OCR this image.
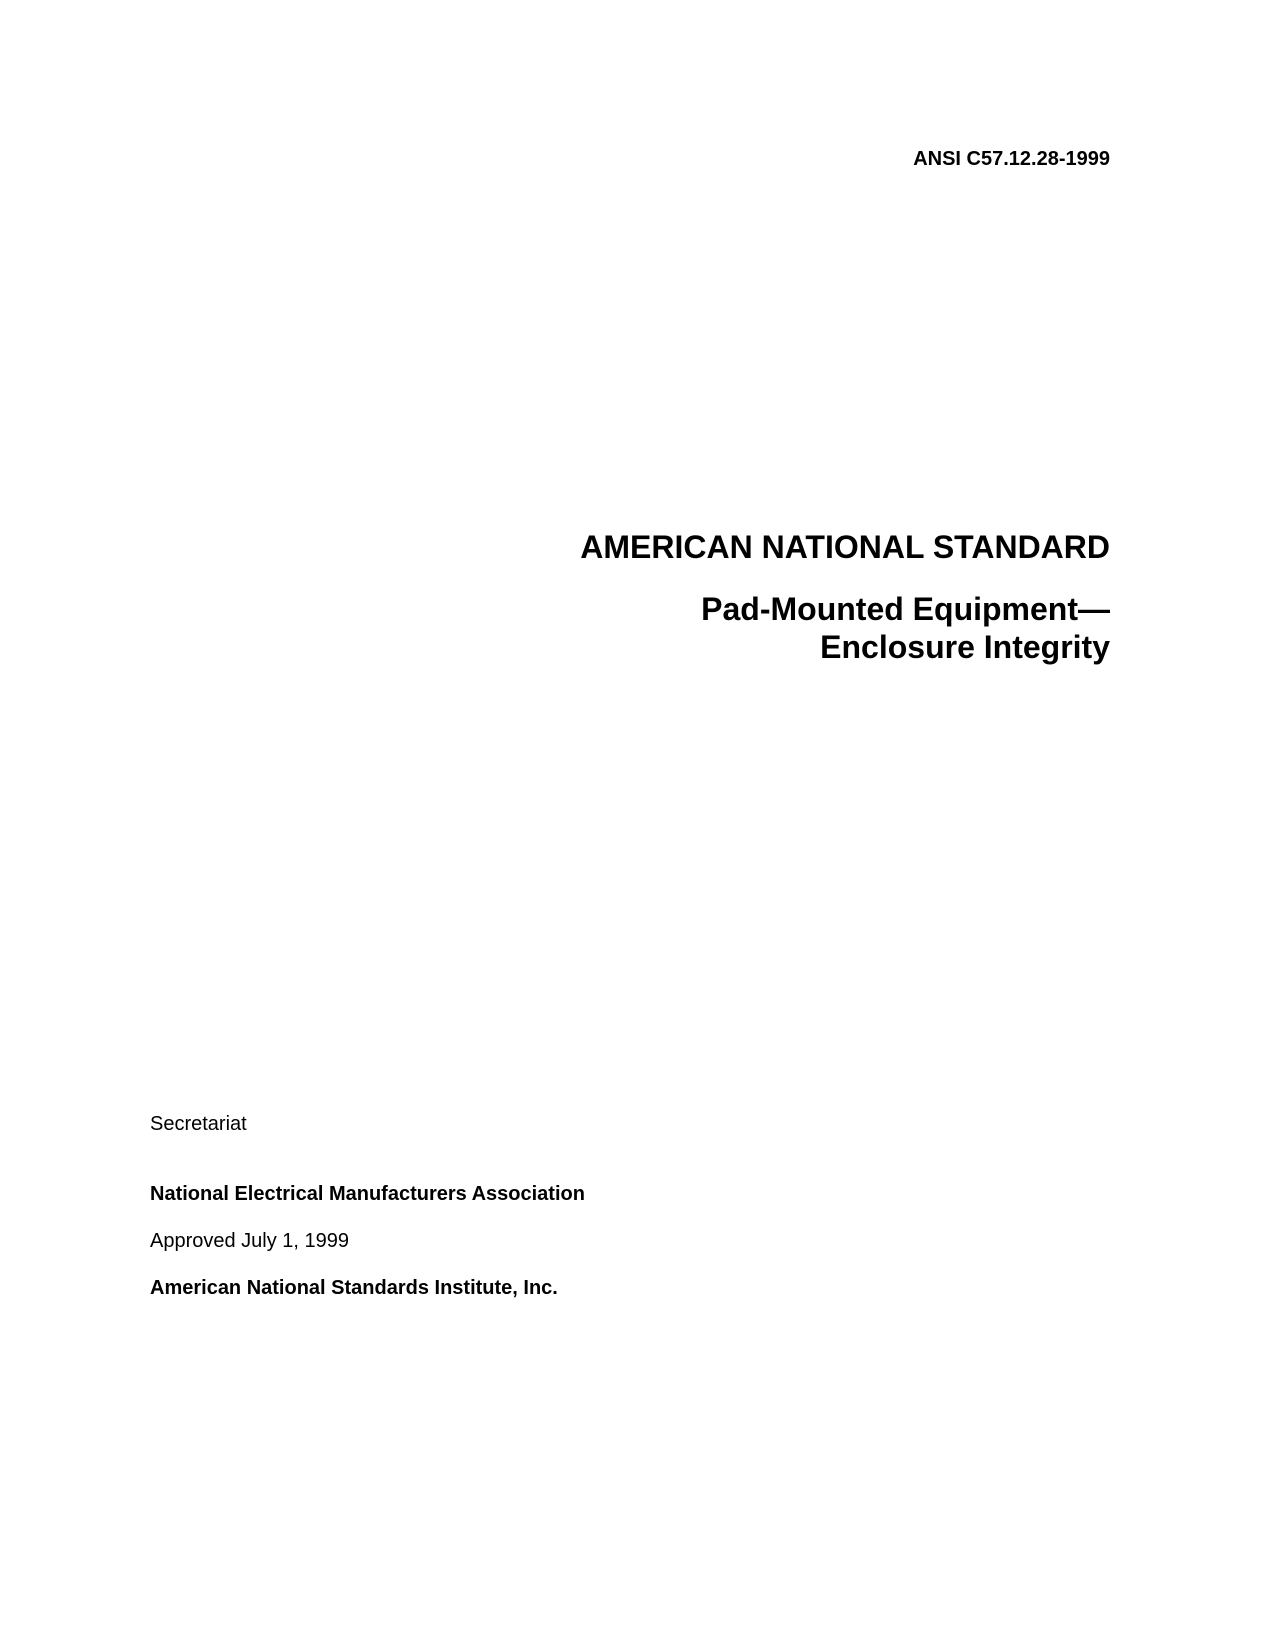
ANSI C57.12.28-1999
AMERICAN NATIONAL STANDARD
Pad-Mounted Equipment—
Enclosure Integrity
Secretariat
National Electrical Manufacturers Association
Approved July 1, 1999
American National Standards Institute, Inc.
